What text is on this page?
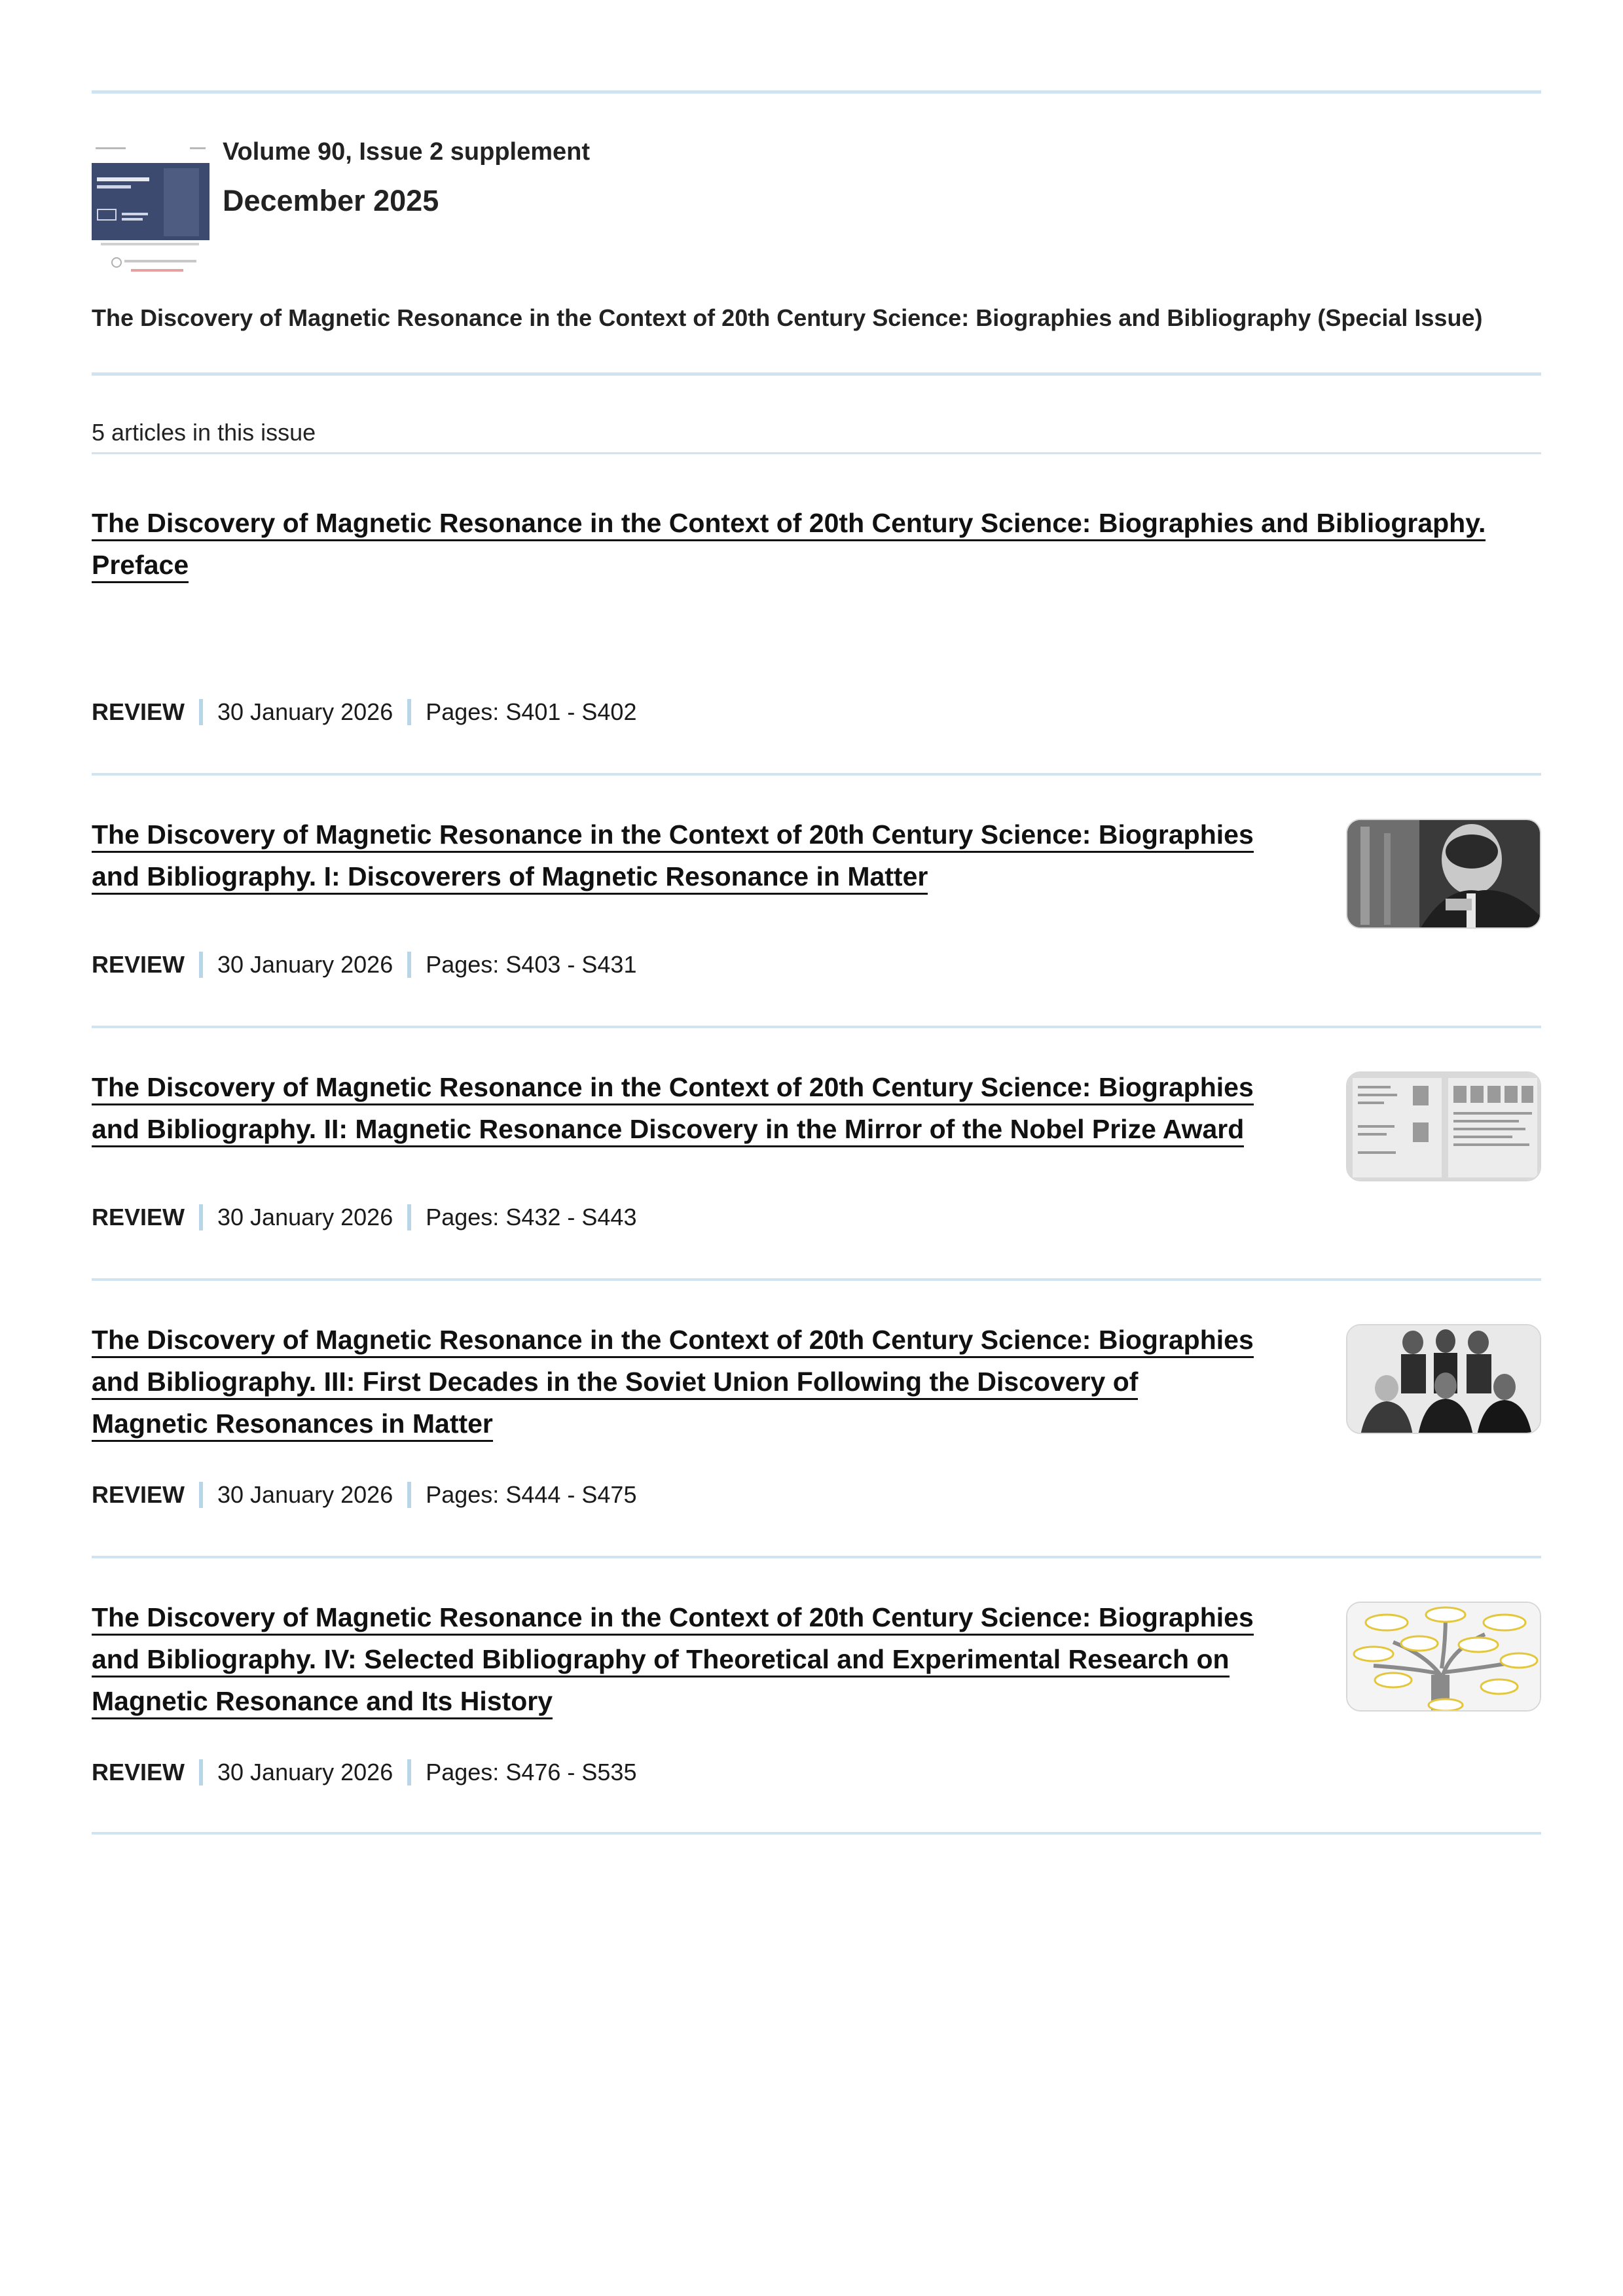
Volume 90, Issue 2 supplement
December 2025
The Discovery of Magnetic Resonance in the Context of 20th Century Science: Biographies and Bibliography (Special Issue)
5 articles in this issue
The Discovery of Magnetic Resonance in the Context of 20th Century Science: Biographies and Bibliography.
Preface
REVIEW 30 January 2026 Pages: S401 - S402
The Discovery of Magnetic Resonance in the Context of 20th Century Science: Biographies
and Bibliography. I: Discoverers of Magnetic Resonance in Matter
REVIEW 30 January 2026 Pages: S403 - S431
The Discovery of Magnetic Resonance in the Context of 20th Century Science: Biographies
and Bibliography. II: Magnetic Resonance Discovery in the Mirror of the Nobel Prize Award
REVIEW 30 January 2026 Pages: S432 - S443
The Discovery of Magnetic Resonance in the Context of 20th Century Science: Biographies
and Bibliography. III: First Decades in the Soviet Union Following the Discovery of
Magnetic Resonances in Matter
REVIEW 30 January 2026 Pages: S444 - S475
The Discovery of Magnetic Resonance in the Context of 20th Century Science: Biographies
and Bibliography. IV: Selected Bibliography of Theoretical and Experimental Research on
Magnetic Resonance and Its History
REVIEW 30 January 2026 Pages: S476 - S535
